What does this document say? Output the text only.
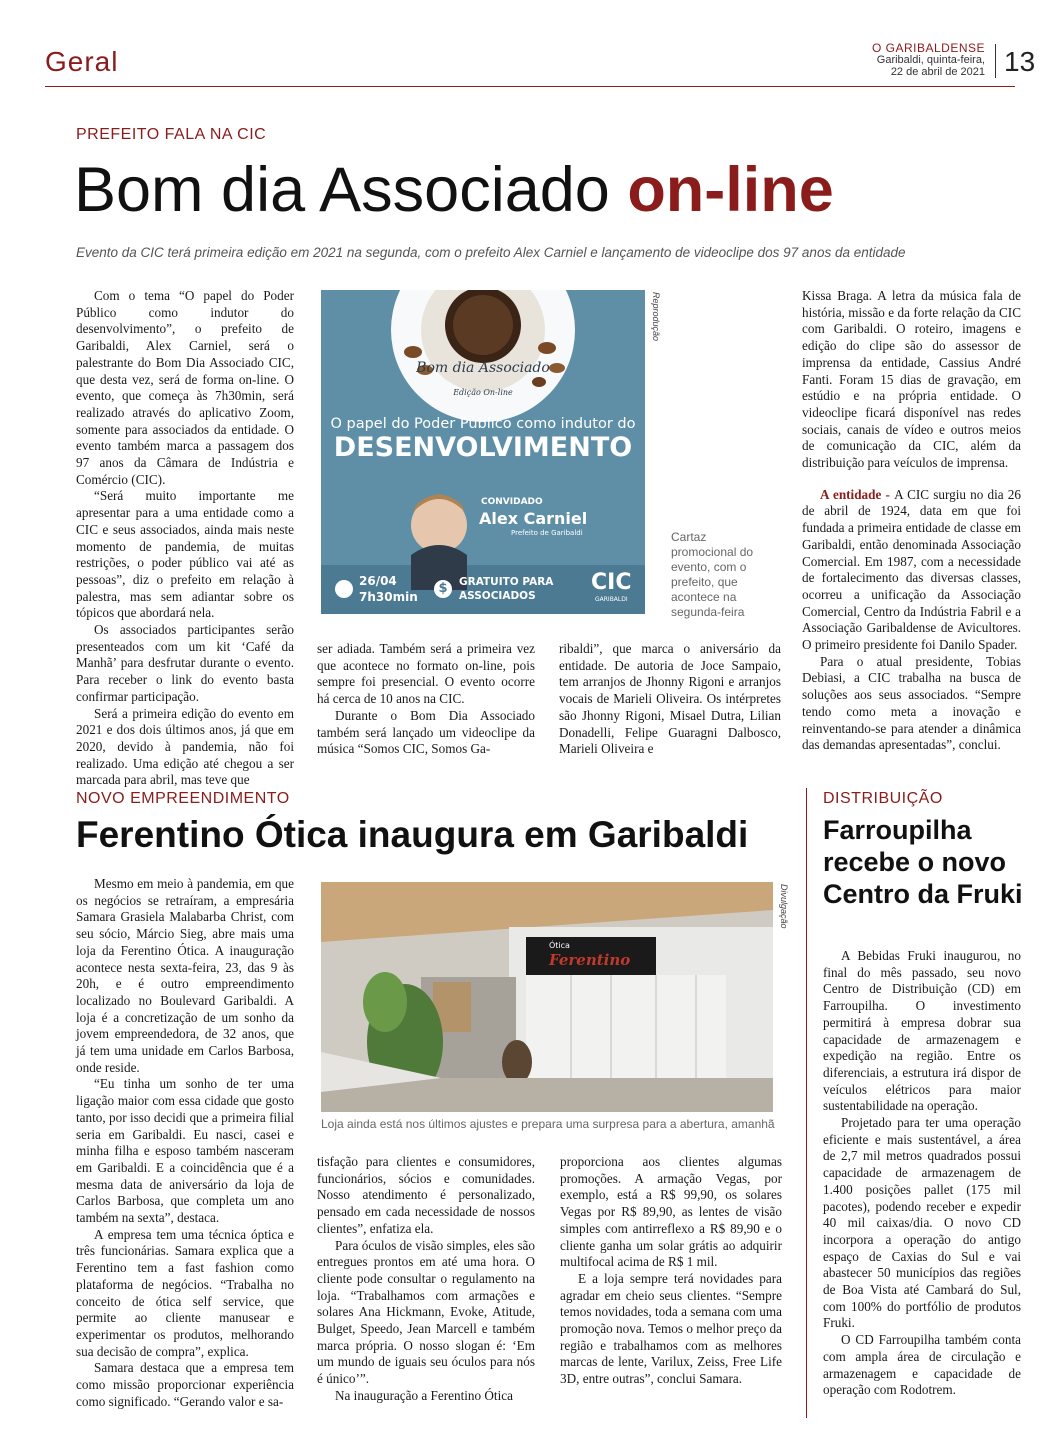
Geral	O GARIBALDENSE
Garibaldi, quinta-feira,
22 de abril de 2021 13
PREFEITO FALA NA CIC
Bom dia Associado on-line
Evento da CIC terá primeira edição em 2021 na segunda, com o prefeito Alex Carniel e lançamento de videoclipe dos 97 anos da entidade

Com o tema “O papel do Poder Público como indutor do desenvolvimento”, o prefeito de Garibaldi, Alex Carniel, será o palestrante do Bom Dia Associado CIC, que desta vez, será de forma on-line. O evento, que começa às 7h30min, será realizado através do aplicativo Zoom, somente para associados da entidade. O evento também marca a passagem dos 97 anos da Câmara de Indústria e Comércio (CIC).

“Será muito importante me apresentar para a uma entidade como a CIC e seus associados, ainda mais neste momento de pandemia, de muitas restrições, o poder público vai até as pessoas”, diz o prefeito em relação à palestra, mas sem adiantar sobre os tópicos que abordará nela.

Os associados participantes serão presenteados com um kit ‘Café da Manhã’ para desfrutar durante o evento. Para receber o link do evento basta confirmar participação.

Será a primeira edição do evento em 2021 e dos dois últimos anos, já que em 2020, devido à pandemia, não foi realizado. Uma edição até chegou a ser marcada para abril, mas teve que

Bom dia Associado
Edição On-line
O papel do Poder Público como indutor do
DESENVOLVIMENTO
CONVIDADO
Alex Carniel
Prefeito de Garibaldi
26/04
7h30min
$	GRATUITO PARA
ASSOCIADOS
CIC
GARIBALDI
Reprodução
Cartaz promocional do evento, com o prefeito, que acontece na segunda-feira

ser adiada. Também será a primeira vez que acontece no formato on-line, pois sempre foi presencial. O evento ocorre há cerca de 10 anos na CIC.

Durante o Bom Dia Associado também será lançado um videoclipe da música “Somos CIC, Somos Ga-

ribaldi”, que marca o aniversário da entidade. De autoria de Joce Sampaio, tem arranjos de Jhonny Rigoni e arranjos vocais de Marieli Oliveira. Os intérpretes são Jhonny Rigoni, Misael Dutra, Lilian Donadelli, Felipe Guaragni Dalbosco, Marieli Oliveira e

Kissa Braga. A letra da música fala de história, missão e da forte relação da CIC com Garibaldi. O roteiro, imagens e edição do clipe são do assessor de imprensa da entidade, Cassius André Fanti. Foram 15 dias de gravação, em estúdio e na própria entidade. O videoclipe ficará disponível nas redes sociais, canais de vídeo e outros meios de comunicação da CIC, além da distribuição para veículos de imprensa.

A entidade - A CIC surgiu no dia 26 de abril de 1924, data em que foi fundada a primeira entidade de classe em Garibaldi, então denominada Associação Comercial. Em 1987, com a necessidade de fortalecimento das diversas classes, ocorreu a unificação da Associação Comercial, Centro da Indústria Fabril e a Associação Garibaldense de Avicultores. O primeiro presidente foi Danilo Spader.

Para o atual presidente, Tobias Debiasi, a CIC trabalha na busca de soluções aos seus associados. “Sempre tendo como meta a inovação e reinventando-se para atender a dinâmica das demandas apresentadas”, conclui.

NOVO EMPREENDIMENTO
Ferentino Ótica inaugura em Garibaldi

Mesmo em meio à pandemia, em que os negócios se retraíram, a empresária Samara Grasiela Malabarba Christ, com seu sócio, Márcio Sieg, abre mais uma loja da Ferentino Ótica. A inauguração acontece nesta sexta-feira, 23, das 9 às 20h, e é outro empreendimento localizado no Boulevard Garibaldi. A loja é a concretização de um sonho da jovem empreendedora, de 32 anos, que já tem uma unidade em Carlos Barbosa, onde reside.

“Eu tinha um sonho de ter uma ligação maior com essa cidade que gosto tanto, por isso decidi que a primeira filial seria em Garibaldi. Eu nasci, casei e minha filha e esposo também nasceram em Garibaldi. E a coincidência que é a mesma data de aniversário da loja de Carlos Barbosa, que completa um ano também na sexta”, destaca.

A empresa tem uma técnica óptica e três funcionárias. Samara explica que a Ferentino tem a fast fashion como plataforma de negócios. “Trabalha no conceito de ótica self service, que permite ao cliente manusear e experimentar os produtos, melhorando sua decisão de compra”, explica.

Samara destaca que a empresa tem como missão proporcionar experiência como significado. “Gerando valor e sa-

Ótica
Ferentino
Divulgação
Loja ainda está nos últimos ajustes e prepara uma surpresa para a abertura, amanhã

tisfação para clientes e consumidores, funcionários, sócios e comunidades. Nosso atendimento é personalizado, pensado em cada necessidade de nossos clientes”, enfatiza ela.

Para óculos de visão simples, eles são entregues prontos em até uma hora. O cliente pode consultar o regulamento na loja. “Trabalhamos com armações e solares Ana Hickmann, Evoke, Atitude, Bulget, Speedo, Jean Marcell e também marca própria. O nosso slogan é: ‘Em um mundo de iguais seu óculos para nós é único’”.

Na inauguração a Ferentino Ótica

proporciona aos clientes algumas promoções. A armação Vegas, por exemplo, está a R$ 99,90, os solares Vegas por R$ 89,90, as lentes de visão simples com antirreflexo a R$ 89,90 e o cliente ganha um solar grátis ao adquirir multifocal acima de R$ 1 mil.

E a loja sempre terá novidades para agradar em cheio seus clientes. “Sempre temos novidades, toda a semana com uma promoção nova. Temos o melhor preço da região e trabalhamos com as melhores marcas de lente, Varilux, Zeiss, Free Life 3D, entre outras”, conclui Samara.

DISTRIBUIÇÃO
Farroupilha recebe o novo Centro da Fruki

A Bebidas Fruki inaugurou, no final do mês passado, seu novo Centro de Distribuição (CD) em Farroupilha. O investimento permitirá à empresa dobrar sua capacidade de armazenagem e expedição na região. Entre os diferenciais, a estrutura irá dispor de veículos elétricos para maior sustentabilidade na operação.

Projetado para ter uma operação eficiente e mais sustentável, a área de 2,7 mil metros quadrados possui capacidade de armazenagem de 1.400 posições pallet (175 mil pacotes), podendo receber e expedir 40 mil caixas/dia. O novo CD incorpora a operação do antigo espaço de Caxias do Sul e vai abastecer 50 municípios das regiões de Boa Vista até Cambará do Sul, com 100% do portfólio de produtos Fruki.

O CD Farroupilha também conta com ampla área de circulação e armazenagem e capacidade de operação com Rodotrem.
